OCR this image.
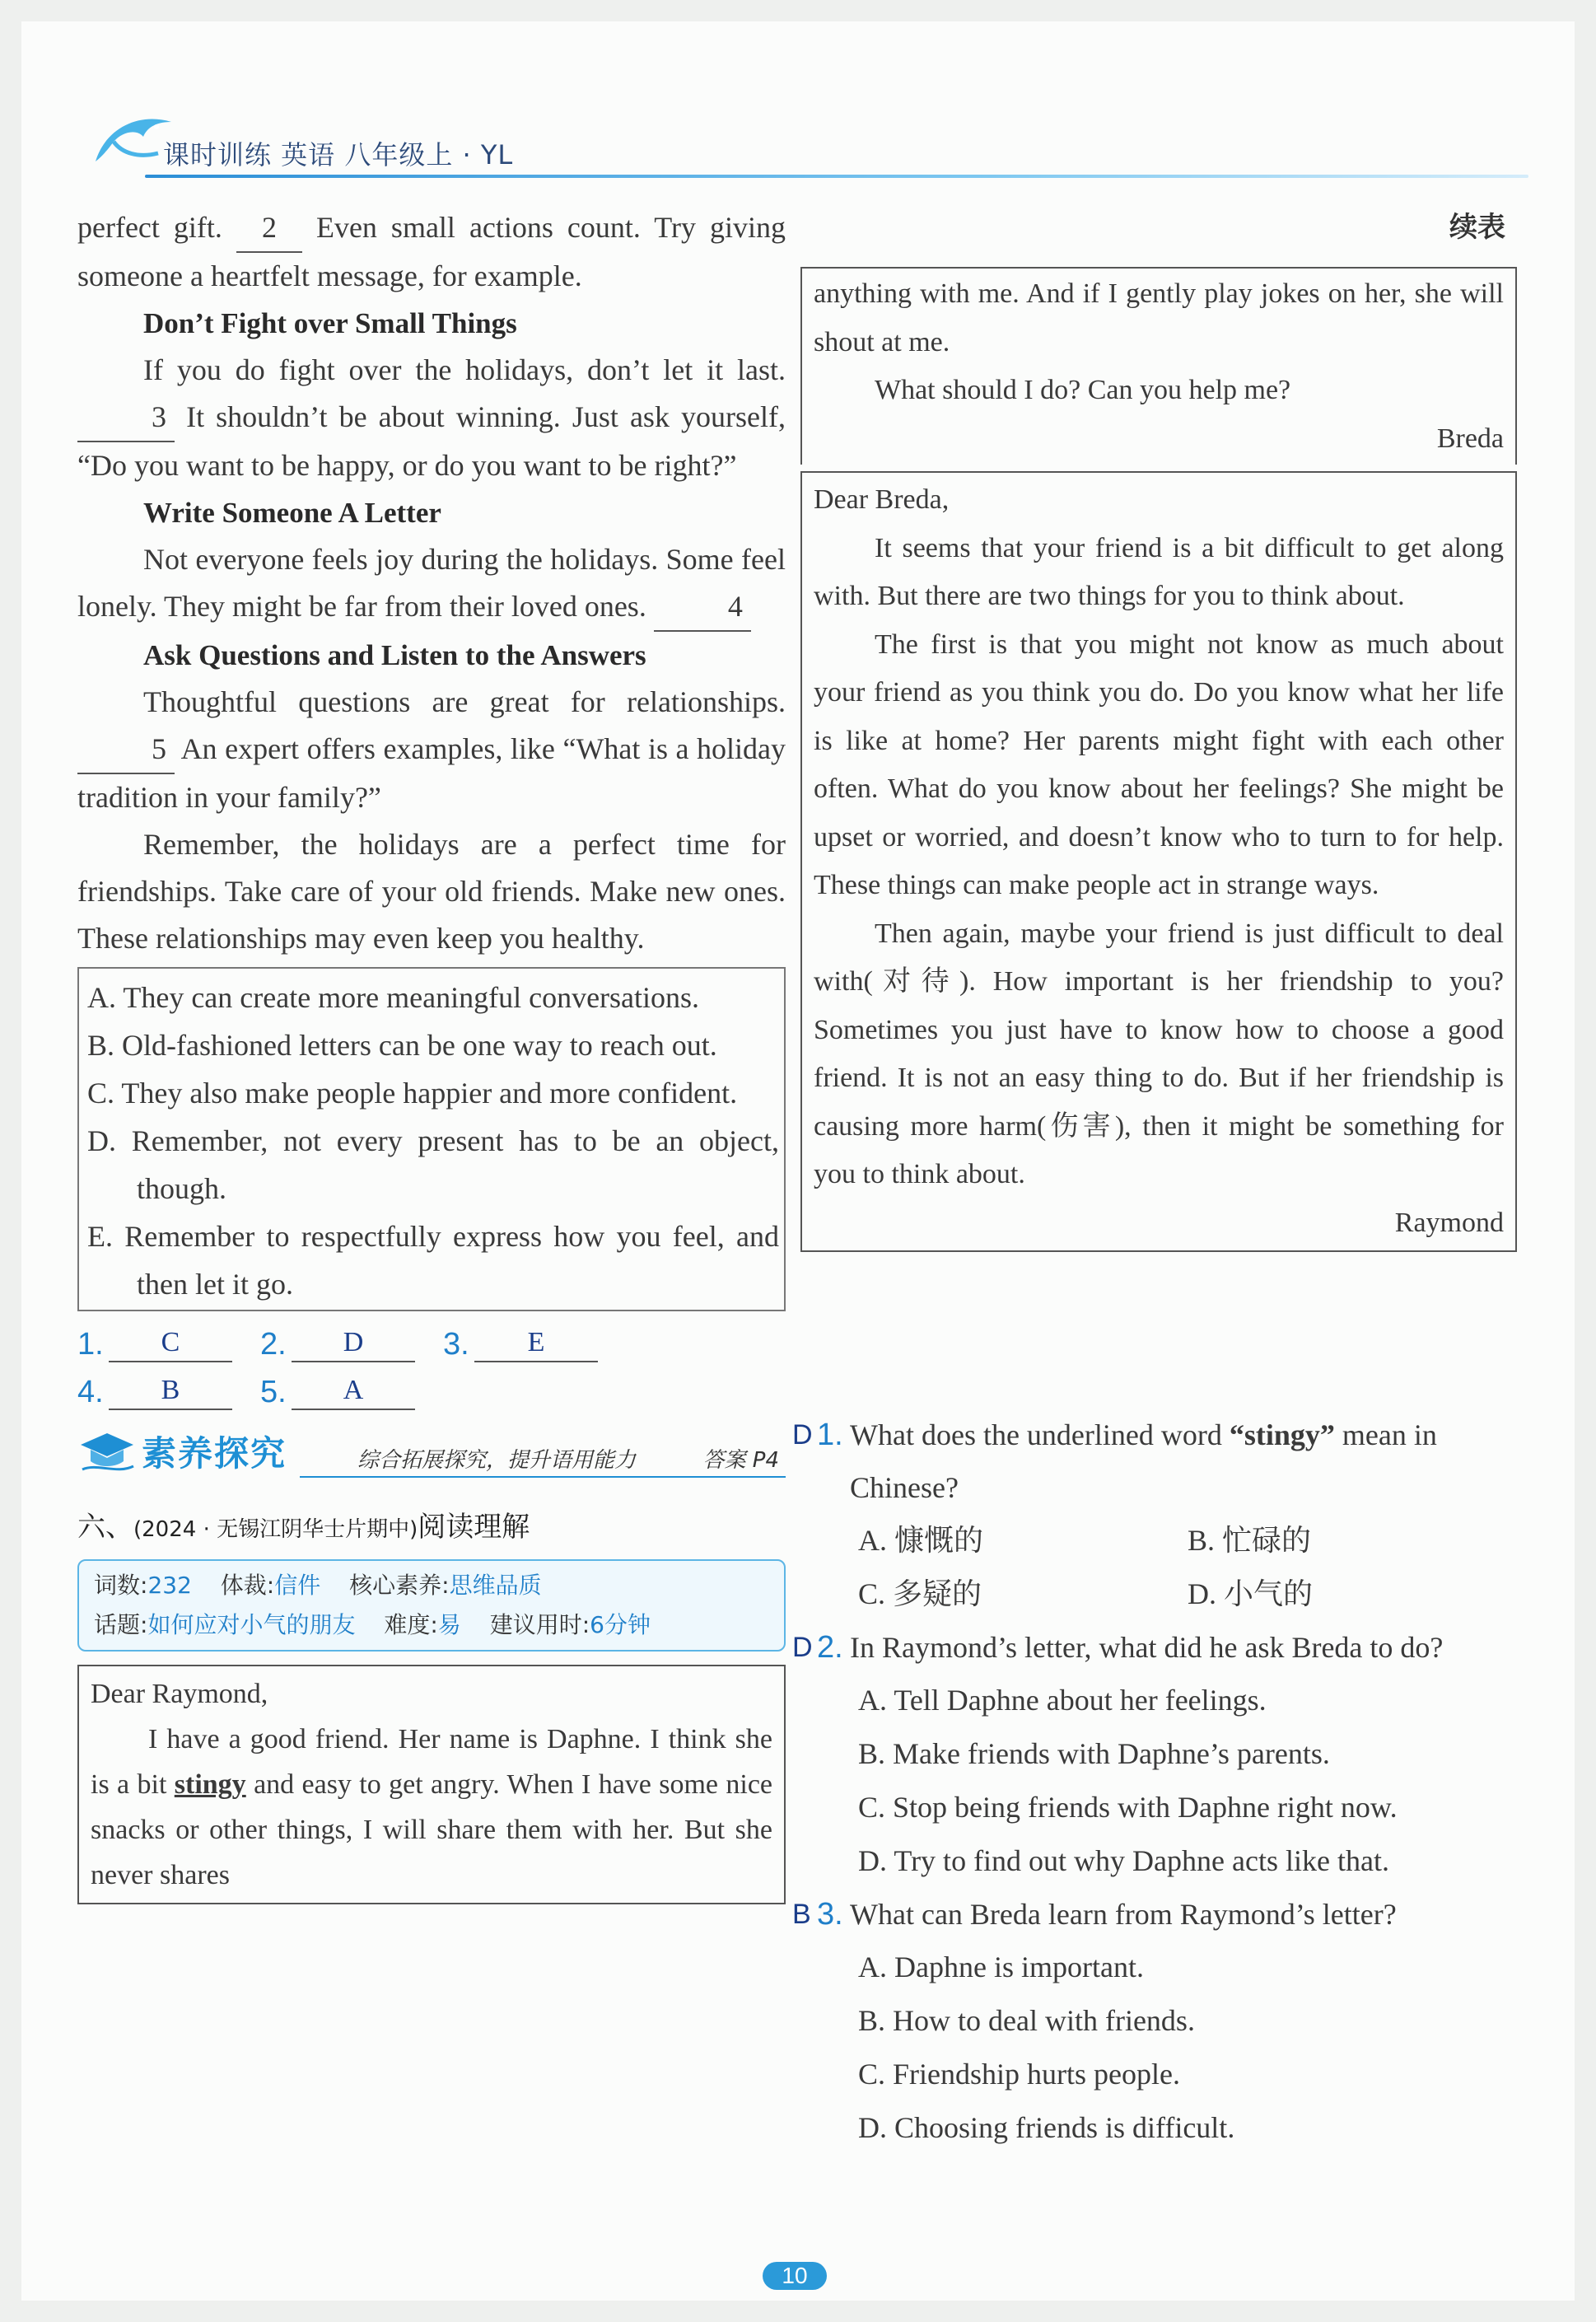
课时训练 英语 八年级上 · YL

perfect gift. 2 Even small actions count. Try giving someone a heartfelt message, for example.

Don’t Fight over Small Things

If you do fight over the holidays, don’t let it last. 3 It shouldn’t be about winning. Just ask yourself, “Do you want to be happy, or do you want to be right?”

Write Someone A Letter

Not everyone feels joy during the holidays. Some feel lonely. They might be far from their loved ones.	4

Ask Questions and Listen to the Answers

Thoughtful questions are great for relationships. 5 An expert offers examples, like “What is a holiday tradition in your family?”

Remember, the holidays are a perfect time for friendships. Take care of your old friends. Make new ones. These relationships may even keep you healthy.

A. They can create more meaningful conversations.

B. Old-fashioned letters can be one way to reach out.

C. They also make people happier and more confident.

D. Remember, not every present has to be an object, though.

E. Remember to respectfully express how you feel, and then let it go.

1.	C	2.	D	3.	E
4.	B	5.	A
素养探究	综合拓展探究，提升语用能力	答案 P4
六、(2024 · 无锡江阴华士片期中)阅读理解
词数:232 体裁:信件 核心素养:思维品质
话题:如何应对小气的朋友 难度:易 建议用时:6分钟

Dear Raymond,

I have a good friend. Her name is Daphne. I think she is a bit stingy and easy to get angry. When I have some nice snacks or other things, I will share them with her. But she never shares

续表

anything with me. And if I gently play jokes on her, she will shout at me.

What should I do? Can you help me?

Breda

Dear Breda,

It seems that your friend is a bit difficult to get along with. But there are two things for you to think about.

The first is that you might not know as much about your friend as you think you do. Do you know what her life is like at home? Her parents might fight with each other often. What do you know about her feelings? She might be upset or worried, and doesn’t know who to turn to for help. These things can make people act in strange ways.

Then again, maybe your friend is just difficult to deal with(对待). How important is her friendship to you? Sometimes you just have to know how to choose a good friend. It is not an easy thing to do. But if her friendship is causing more harm(伤害), then it might be something for you to think about.

Raymond

D 1. What does the underlined word “stingy” mean in Chinese?

A. 慷慨的	B. 忙碌的
C. 多疑的	D. 小气的

D 2. In Raymond’s letter, what did he ask Breda to do?

A. Tell Daphne about her feelings.

B. Make friends with Daphne’s parents.

C. Stop being friends with Daphne right now.

D. Try to find out why Daphne acts like that.

B 3. What can Breda learn from Raymond’s letter?

A. Daphne is important.

B. How to deal with friends.

C. Friendship hurts people.

D. Choosing friends is difficult.

10
